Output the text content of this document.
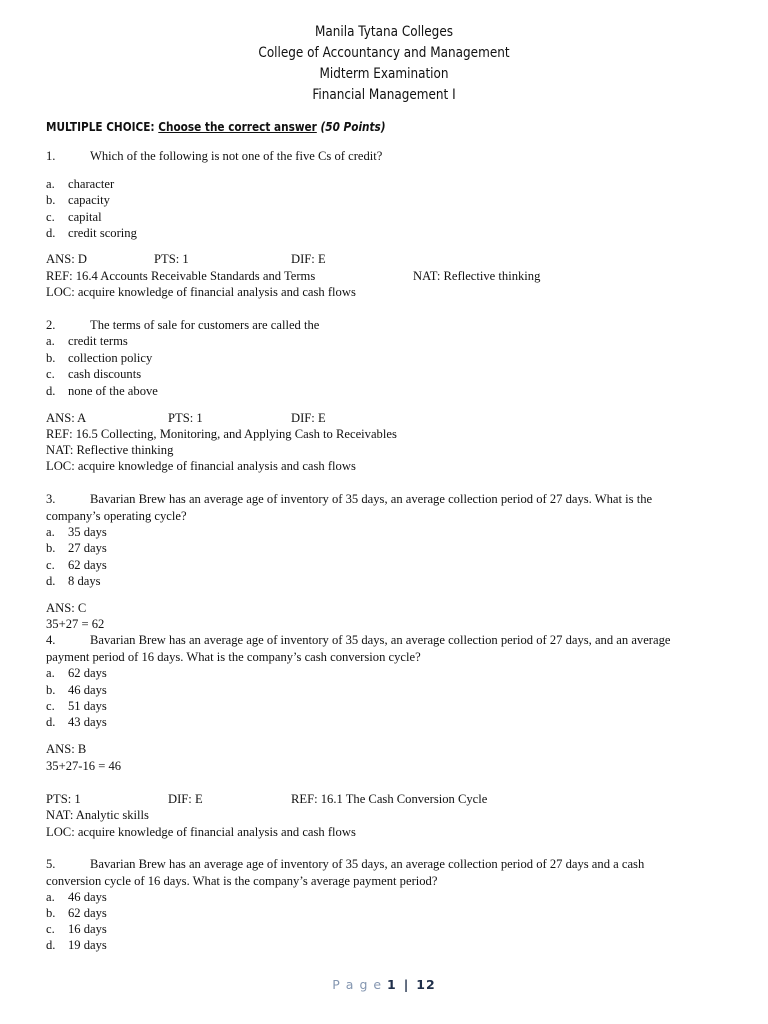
Manila Tytana Colleges
College of Accountancy and Management
Midterm Examination
Financial Management I
MULTIPLE CHOICE: Choose the correct answer (50 Points)
1.	Which of the following is not one of the five Cs of credit?
a. character
b. capacity
c. capital
d. credit scoring
ANS: D	PTS: 1	DIF: E
REF: 16.4 Accounts Receivable Standards and Terms	NAT: Reflective thinking
LOC: acquire knowledge of financial analysis and cash flows
2.	The terms of sale for customers are called the
a. credit terms
b. collection policy
c. cash discounts
d. none of the above
ANS: A	PTS: 1	DIF: E
REF: 16.5 Collecting, Monitoring, and Applying Cash to Receivables
NAT: Reflective thinking
LOC: acquire knowledge of financial analysis and cash flows
3.	Bavarian Brew has an average age of inventory of 35 days, an average collection period of 27 days. What is the
company’s operating cycle?
a. 35 days
b. 27 days
c. 62 days
d. 8 days
ANS: C
35+27 = 62
4.	Bavarian Brew has an average age of inventory of 35 days, an average collection period of 27 days, and an average
payment period of 16 days. What is the company’s cash conversion cycle?
a. 62 days
b. 46 days
c. 51 days
d. 43 days
ANS: B
35+27-16 = 46
PTS: 1	DIF: E	REF: 16.1 The Cash Conversion Cycle
NAT: Analytic skills
LOC: acquire knowledge of financial analysis and cash flows
5.	Bavarian Brew has an average age of inventory of 35 days, an average collection period of 27 days and a cash
conversion cycle of 16 days. What is the company’s average payment period?
a. 46 days
b. 62 days
c. 16 days
d. 19 days
P a g e 1 | 12
